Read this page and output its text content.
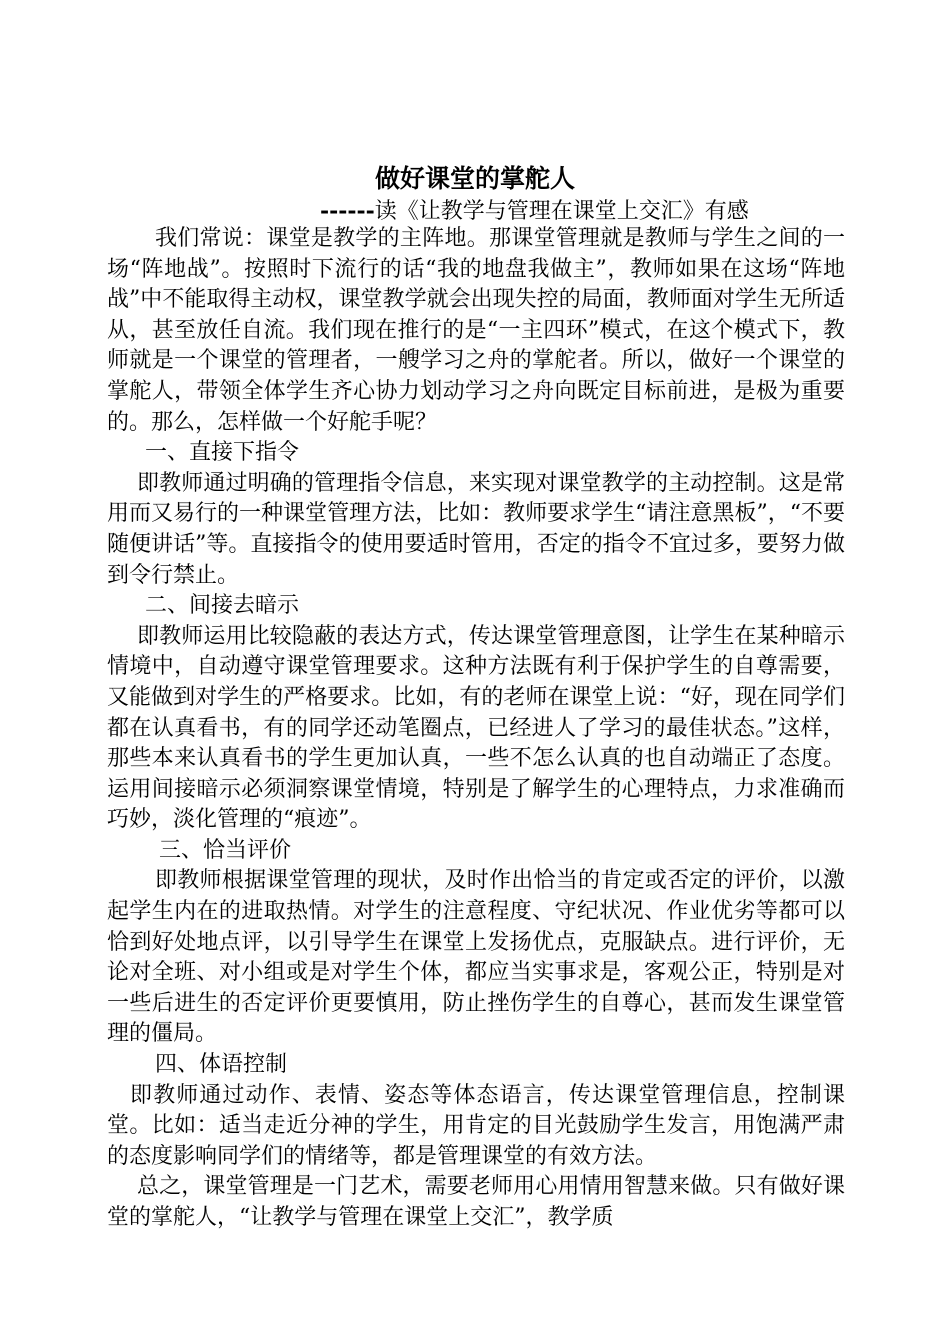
做好课堂的掌舵人
------读《让教学与管理在课堂上交汇》有感

我们常说：课堂是教学的主阵地。那课堂管理就是教师与学生之间的一场“阵地战”。按照时下流行的话“我的地盘我做主”，教师如果在这场“阵地战”中不能取得主动权，课堂教学就会出现失控的局面，教师面对学生无所适从，甚至放任自流。我们现在推行的是“一主四环”模式，在这个模式下，教师就是一个课堂的管理者，一艘学习之舟的掌舵者。所以，做好一个课堂的掌舵人，带领全体学生齐心协力划动学习之舟向既定目标前进，是极为重要的。那么，怎样做一个好舵手呢？

一、直接下指令

即教师通过明确的管理指令信息，来实现对课堂教学的主动控制。这是常用而又易行的一种课堂管理方法，比如：教师要求学生“请注意黑板”，“不要随便讲话”等。直接指令的使用要适时管用，否定的指令不宜过多，要努力做到令行禁止。

二、间接去暗示

即教师运用比较隐蔽的表达方式，传达课堂管理意图，让学生在某种暗示情境中，自动遵守课堂管理要求。这种方法既有利于保护学生的自尊需要，又能做到对学生的严格要求。比如，有的老师在课堂上说：“好，现在同学们都在认真看书，有的同学还动笔圈点，已经进人了学习的最佳状态。”这样，那些本来认真看书的学生更加认真，一些不怎么认真的也自动端正了态度。运用间接暗示必须洞察课堂情境，特别是了解学生的心理特点，力求准确而巧妙，淡化管理的“痕迹”。

三、恰当评价

即教师根据课堂管理的现状，及时作出恰当的肯定或否定的评价，以激起学生内在的进取热情。对学生的注意程度、守纪状况、作业优劣等都可以恰到好处地点评，以引导学生在课堂上发扬优点，克服缺点。进行评价，无论对全班、对小组或是对学生个体，都应当实事求是，客观公正，特别是对一些后进生的否定评价更要慎用，防止挫伤学生的自尊心，甚而发生课堂管理的僵局。

四、体语控制

即教师通过动作、表情、姿态等体态语言，传达课堂管理信息，控制课堂。比如：适当走近分神的学生，用肯定的目光鼓励学生发言，用饱满严肃的态度影响同学们的情绪等，都是管理课堂的有效方法。

总之，课堂管理是一门艺术，需要老师用心用情用智慧来做。只有做好课堂的掌舵人，“让教学与管理在课堂上交汇”，教学质
